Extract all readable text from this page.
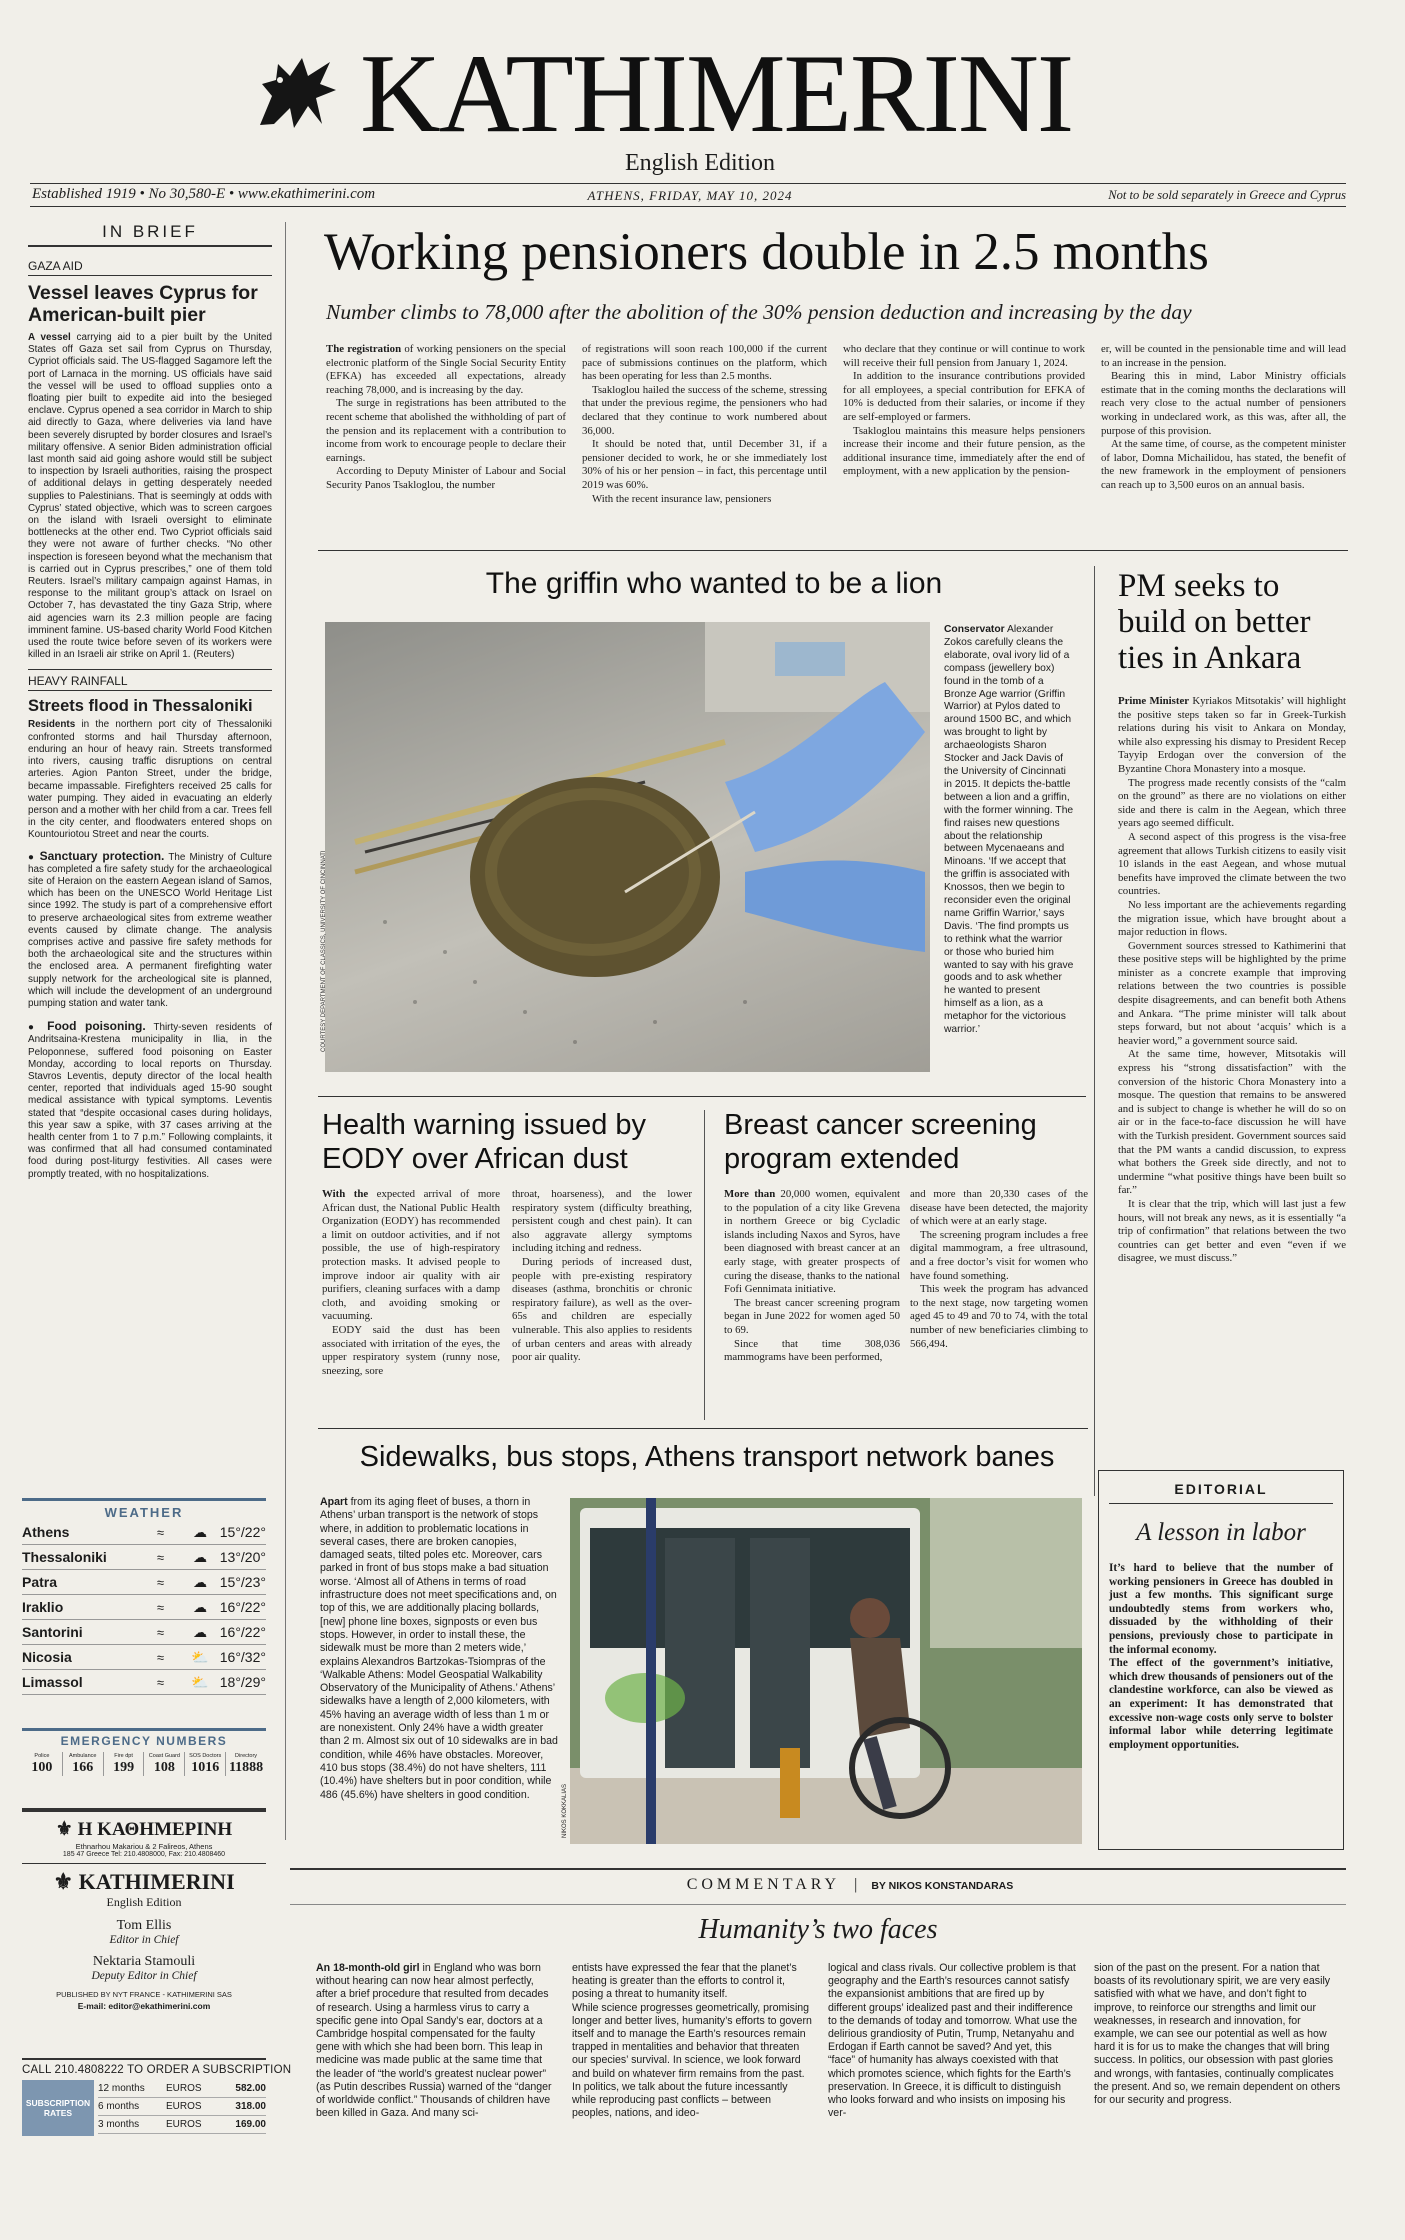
KATHIMERINI
English Edition
Established 1919 • No 30,580-E • www.ekathimerini.com	ATHENS, FRIDAY, MAY 10, 2024	Not to be sold separately in Greece and Cyprus
IN BRIEF
GAZA AID
Vessel leaves Cyprus for American-built pier

A vessel carrying aid to a pier built by the United States off Gaza set sail from Cyprus on Thursday, Cypriot officials said. The US-flagged Sagamore left the port of Larnaca in the morning. US officials have said the vessel will be used to offload supplies onto a floating pier built to expedite aid into the besieged enclave. Cyprus opened a sea corridor in March to ship aid directly to Gaza, where deliveries via land have been severely disrupted by border closures and Israel’s military offensive. A senior Biden administration official last month said aid going ashore would still be subject to inspection by Israeli authorities, raising the prospect of additional delays in getting desperately needed supplies to Palestinians. That is seemingly at odds with Cyprus’ stated objective, which was to screen cargoes on the island with Israeli oversight to eliminate bottlenecks at the other end. Two Cypriot officials said they were not aware of further checks. “No other inspection is foreseen beyond what the mechanism that is carried out in Cyprus prescribes,” one of them told Reuters. Israel’s military campaign against Hamas, in response to the militant group’s attack on Israel on October 7, has devastated the tiny Gaza Strip, where aid agencies warn its 2.3 million people are facing imminent famine. US-based charity World Food Kitchen used the route twice before seven of its workers were killed in an Israeli air strike on April 1. (Reuters)

HEAVY RAINFALL
Streets flood in Thessaloniki

Residents in the northern port city of Thessaloniki confronted storms and hail Thursday afternoon, enduring an hour of heavy rain. Streets transformed into rivers, causing traffic disruptions on central arteries. Agion Panton Street, under the bridge, became impassable. Firefighters received 25 calls for water pumping. They aided in evacuating an elderly person and a mother with her child from a car. Trees fell in the city center, and floodwaters entered shops on Kountouriotou Street and near the courts.

● Sanctuary protection. The Ministry of Culture has completed a fire safety study for the archaeological site of Heraion on the eastern Aegean island of Samos, which has been on the UNESCO World Heritage List since 1992. The study is part of a comprehensive effort to preserve archaeological sites from extreme weather events caused by climate change. The analysis comprises active and passive fire safety methods for both the archaeological site and the structures within the enclosed area. A permanent firefighting water supply network for the archeological site is planned, which will include the development of an underground pumping station and water tank.

● Food poisoning. Thirty-seven residents of Andritsaina-Krestena municipality in Ilia, in the Peloponnese, suffered food poisoning on Easter Monday, according to local reports on Thursday. Stavros Leventis, deputy director of the local health center, reported that individuals aged 15-90 sought medical assistance with typical symptoms. Leventis stated that “despite occasional cases during holidays, this year saw a spike, with 37 cases arriving at the health center from 1 to 7 p.m.” Following complaints, it was confirmed that all had consumed contaminated food during post-liturgy festivities. All cases were promptly treated, with no hospitalizations.

WEATHER
Athens	≈	☁ 15°/22°
Thessaloniki	≈	☁ 13°/20°
Patra	≈	☁ 15°/23°
Iraklio	≈	☁ 16°/22°
Santorini	≈	☁ 16°/22°
Nicosia	≈	⛅ 16°/32°
Limassol	≈	⛅ 18°/29°
EMERGENCY NUMBERS
Police
100
Ambulance
166
Fire dpt
199
Coast Guard
108
SOS Doctors
1016
Directory
11888
⚜ Η ΚΑΘΗΜΕΡΙΝΗ
Ethnarhou Makariou & 2 Falireos, Athens
185 47 Greece Tel: 210.4808000, Fax: 210.4808460
⚜ KATHIMERINI
English Edition
Tom Ellis
Editor in Chief
Nektaria Stamouli
Deputy Editor in Chief
PUBLISHED BY NYT FRANCE - KATHIMERINI SAS
E-mail: editor@ekathimerini.com
CALL 210.4808222 TO ORDER A SUBSCRIPTION
SUBSCRIPTION RATES
12 months	EUROS	582.00
6 months	EUROS	318.00
3 months	EUROS	169.00
Working pensioners double in 2.5 months
Number climbs to 78,000 after the abolition of the 30% pension deduction and increasing by the day

The registration of working pensioners on the special electronic platform of the Single Social Security Entity (EFKA) has exceeded all expectations, already reaching 78,000, and is increasing by the day.

The surge in registrations has been attributed to the recent scheme that abolished the withholding of part of the pension and its replacement with a contribution to income from work to encourage people to declare their earnings.

According to Deputy Minister of Labour and Social Security Panos Tsakloglou, the number

of registrations will soon reach 100,000 if the current pace of submissions continues on the platform, which has been operating for less than 2.5 months.

Tsakloglou hailed the success of the scheme, stressing that under the previous regime, the pensioners who had declared that they continue to work numbered about 36,000.

It should be noted that, until December 31, if a pensioner decided to work, he or she immediately lost 30% of his or her pension – in fact, this percentage until 2019 was 60%.

With the recent insurance law, pensioners

who declare that they continue or will continue to work will receive their full pension from January 1, 2024.

In addition to the insurance contributions provided for all employees, a special contribution for EFKA of 10% is deducted from their salaries, or income if they are self-employed or farmers.

Tsakloglou maintains this measure helps pensioners increase their income and their future pension, as the additional insurance time, immediately after the end of employment, with a new application by the pension-

er, will be counted in the pensionable time and will lead to an increase in the pension.

Bearing this in mind, Labor Ministry officials estimate that in the coming months the declarations will reach very close to the actual number of pensioners working in undeclared work, as this was, after all, the purpose of this provision.

At the same time, of course, as the competent minister of labor, Domna Michailidou, has stated, the benefit of the new framework in the employment of pensioners can reach up to 3,500 euros on an annual basis.

The griffin who wanted to be a lion
COURTESY DEPARTMENT OF CLASSICS, UNIVERSITY OF CINCINNATI

Conservator Alexander Zokos carefully cleans the elaborate, oval ivory lid of a compass (jewellery box) found in the tomb of a Bronze Age warrior (Griffin Warrior) at Pylos dated to around 1500 BC, and which was brought to light by archaeologists Sharon Stocker and Jack Davis of the University of Cincinnati in 2015. It depicts the-battle between a lion and a griffin, with the former winning. The find raises new questions about the relationship between Mycenaeans and Minoans. ‘If we accept that the griffin is associated with Knossos, then we begin to reconsider even the original name Griffin Warrior,’ says Davis. ‘The find prompts us to rethink what the warrior or those who buried him wanted to say with his grave goods and to ask whether he wanted to present himself as a lion, as a metaphor for the victorious warrior.’

PM seeks to build on better ties in Ankara

Prime Minister Kyriakos Mitsotakis’ will highlight the positive steps taken so far in Greek-Turkish relations during his visit to Ankara on Monday, while also expressing his dismay to President Recep Tayyip Erdogan over the conversion of the Byzantine Chora Monastery into a mosque.

The progress made recently consists of the “calm on the ground” as there are no violations on either side and there is calm in the Aegean, which three years ago seemed difficult.

A second aspect of this progress is the visa-free agreement that allows Turkish citizens to easily visit 10 islands in the east Aegean, and whose mutual benefits have improved the climate between the two countries.

No less important are the achievements regarding the migration issue, which have brought about a major reduction in flows.

Government sources stressed to Kathimerini that these positive steps will be highlighted by the prime minister as a concrete example that improving relations between the two countries is possible despite disagreements, and can benefit both Athens and Ankara. “The prime minister will talk about steps forward, but not about ‘acquis’ which is a heavier word,” a government source said.

At the same time, however, Mitsotakis will express his “strong dissatisfaction” with the conversion of the historic Chora Monastery into a mosque. The question that remains to be answered and is subject to change is whether he will do so on air or in the face-to-face discussion he will have with the Turkish president. Government sources said that the PM wants a candid discussion, to express what bothers the Greek side directly, and not to undermine “what positive things have been built so far.”

It is clear that the trip, which will last just a few hours, will not break any news, as it is essentially “a trip of confirmation” that relations between the two countries can get better and even “even if we disagree, we must discuss.”

Health warning issued by EODY over African dust

With the expected arrival of more African dust, the National Public Health Organization (EODY) has recommended a limit on outdoor activities, and if not possible, the use of high-respiratory protection masks. It advised people to improve indoor air quality with air purifiers, cleaning surfaces with a damp cloth, and avoiding smoking or vacuuming.

EODY said the dust has been associated with irritation of the eyes, the upper respiratory system (runny nose, sneezing, sore

throat, hoarseness), and the lower respiratory system (difficulty breathing, persistent cough and chest pain). It can also aggravate allergy symptoms including itching and redness.

During periods of increased dust, people with pre-existing respiratory diseases (asthma, bronchitis or chronic respiratory failure), as well as the over-65s and children are especially vulnerable. This also applies to residents of urban centers and areas with already poor air quality.

Breast cancer screening program extended

More than 20,000 women, equivalent to the population of a city like Grevena in northern Greece or big Cycladic islands including Naxos and Syros, have been diagnosed with breast cancer at an early stage, with greater prospects of curing the disease, thanks to the national Fofi Gennimata initiative.

The breast cancer screening program began in June 2022 for women aged 50 to 69.

Since that time 308,036 mammograms have been performed,

and more than 20,330 cases of the disease have been detected, the majority of which were at an early stage.

The screening program includes a free digital mammogram, a free ultrasound, and a free doctor’s visit for women who have found something.

This week the program has advanced to the next stage, now targeting women aged 45 to 49 and 70 to 74, with the total number of new beneficiaries climbing to 566,494.

Sidewalks, bus stops, Athens transport network banes

Apart from its aging fleet of buses, a thorn in Athens’ urban transport is the network of stops where, in addition to problematic locations in several cases, there are broken canopies, damaged seats, tilted poles etc. Moreover, cars parked in front of bus stops make a bad situation worse. ‘Almost all of Athens in terms of road infrastructure does not meet specifications and, on top of this, we are additionally placing bollards, [new] phone line boxes, signposts or even bus stops. However, in order to install these, the sidewalk must be more than 2 meters wide,’ explains Alexandros Bartzokas-Tsiompras of the ‘Walkable Athens: Model Geospatial Walkability Observatory of the Municipality of Athens.’ Athens’ sidewalks have a length of 2,000 kilometers, with 45% having an average width of less than 1 m or are nonexistent. Only 24% have a width greater than 2 m. Almost six out of 10 sidewalks are in bad condition, while 46% have obstacles. Moreover, 410 bus stops (38.4%) do not have shelters, 111 (10.4%) have shelters but in poor condition, while 486 (45.6%) have shelters in good condition.	NIKOS KOKKALIAS
EDITORIAL
A lesson in labor

It’s hard to believe that the number of working pensioners in Greece has doubled in just a few months. This significant surge undoubtedly stems from workers who, dissuaded by the withholding of their pensions, previously chose to participate in the informal economy.

The effect of the government’s initiative, which drew thousands of pensioners out of the clandestine workforce, can also be viewed as an experiment: It has demonstrated that excessive non-wage costs only serve to bolster informal labor while deterring legitimate employment opportunities.

COMMENTARY | BY NIKOS KONSTANDARAS
Humanity’s two faces

An 18-month-old girl in England who was born without hearing can now hear almost perfectly, after a brief procedure that resulted from decades of research. Using a harmless virus to carry a specific gene into Opal Sandy’s ear, doctors at a Cambridge hospital compensated for the faulty gene with which she had been born. This leap in medicine was made public at the same time that the leader of “the world’s greatest nuclear power” (as Putin describes Russia) warned of the “danger of worldwide conflict.” Thousands of children have been killed in Gaza. And many sci-

entists have expressed the fear that the planet’s heating is greater than the efforts to control it, posing a threat to humanity itself.

While science progresses geometrically, promising longer and better lives, humanity’s efforts to govern itself and to manage the Earth’s resources remain trapped in mentalities and behavior that threaten our species’ survival. In science, we look forward and build on whatever firm remains from the past. In politics, we talk about the future incessantly while reproducing past conflicts – between peoples, nations, and ideo-

logical and class rivals. Our collective problem is that geography and the Earth’s resources cannot satisfy the expansionist ambitions that are fired up by different groups’ idealized past and their indifference to the demands of today and tomorrow. What use the delirious grandiosity of Putin, Trump, Netanyahu and Erdogan if Earth cannot be saved? And yet, this “face” of humanity has always coexisted with that which promotes science, which fights for the Earth’s preservation. In Greece, it is difficult to distinguish who looks forward and who insists on imposing his ver-

sion of the past on the present. For a nation that boasts of its revolutionary spirit, we are very easily satisfied with what we have, and don’t fight to improve, to reinforce our strengths and limit our weaknesses, in research and innovation, for example, we can see our potential as well as how hard it is for us to make the changes that will bring success. In politics, our obsession with past glories and wrongs, with fantasies, continually complicates the present. And so, we remain dependent on others for our security and progress.
